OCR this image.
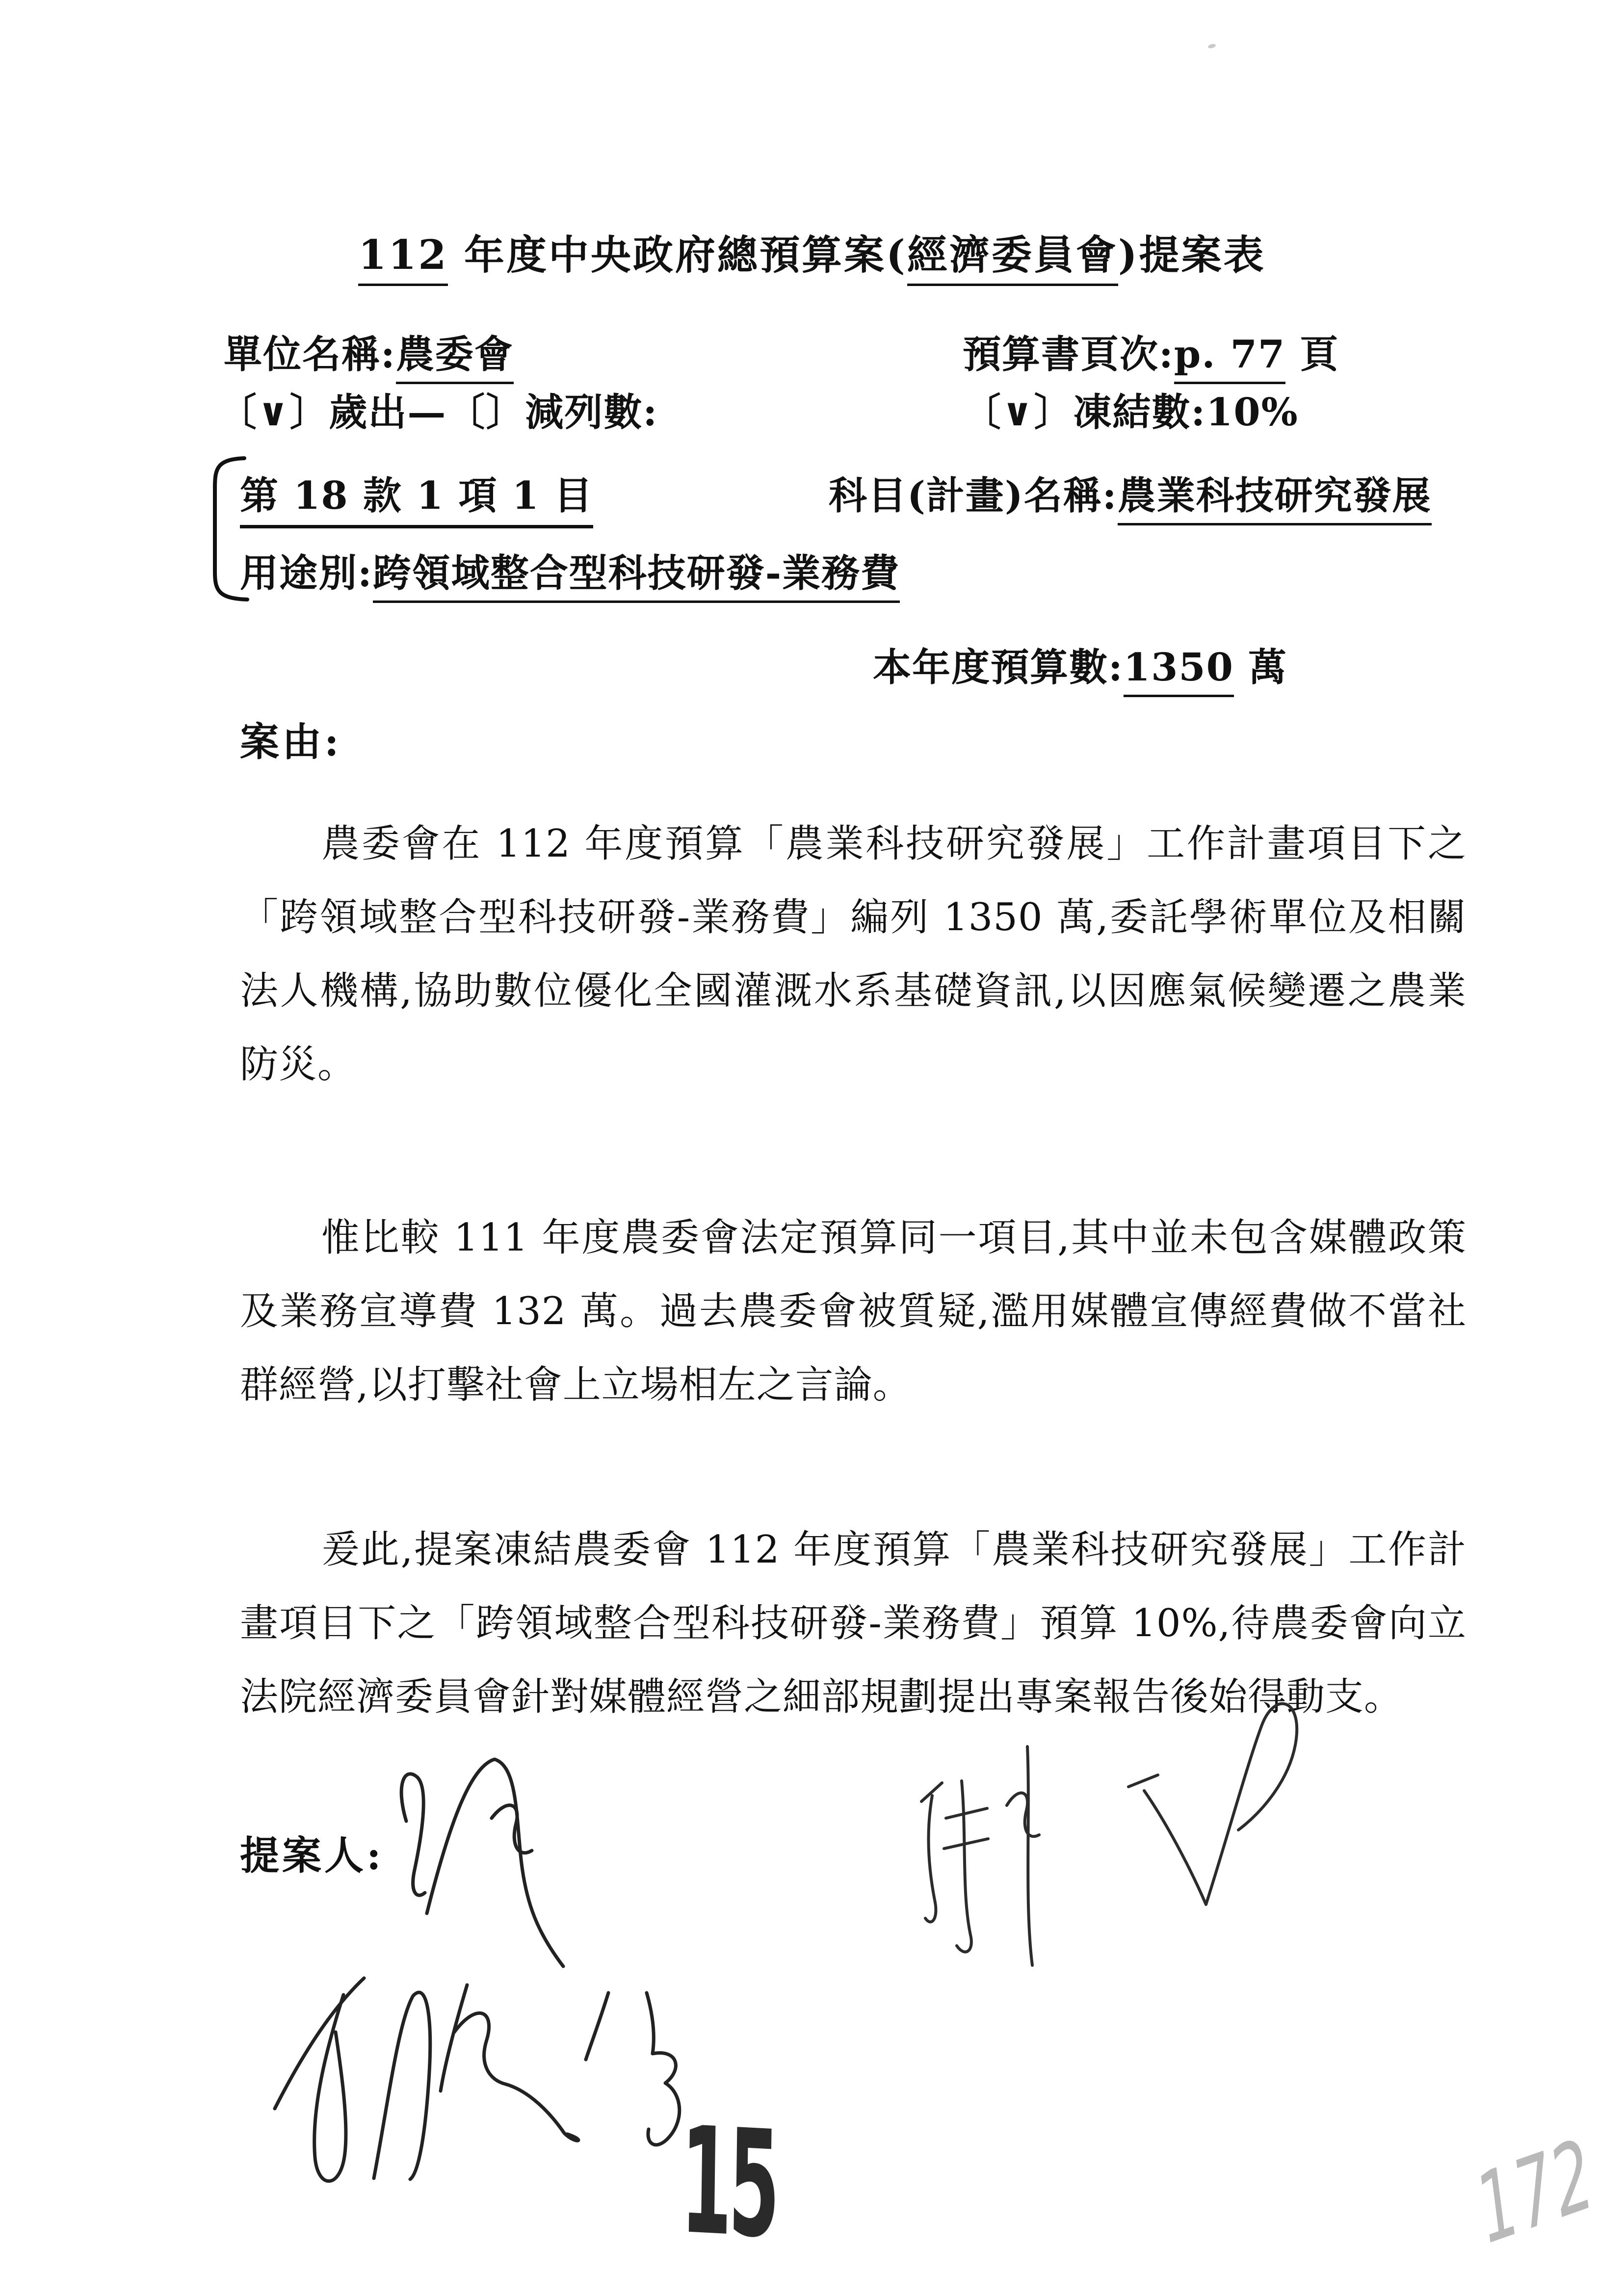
112 年度中央政府總預算案(經濟委員會)提案表
單位名稱:農委會	預算書頁次:p. 77 頁
〔∨〕歲出—〔〕減列數:	〔∨〕凍結數:10%
第 18 款 1 項 1 目	科目(計畫)名稱:農業科技研究發展
用途別:跨領域整合型科技研發-業務費
本年度預算數:1350 萬
案由:
農委會在 112 年度預算「農業科技研究發展」工作計畫項目下之「跨領域整合型科技研發-業務費」編列 1350 萬,委託學術單位及相關法人機構,協助數位優化全國灌溉水系基礎資訊,以因應氣候變遷之農業防災。
惟比較 111 年度農委會法定預算同一項目,其中並未包含媒體政策及業務宣導費 132 萬。過去農委會被質疑,濫用媒體宣傳經費做不當社群經營,以打擊社會上立場相左之言論。
爰此,提案凍結農委會 112 年度預算「農業科技研究發展」工作計畫項目下之「跨領域整合型科技研發-業務費」預算 10%,待農委會向立法院經濟委員會針對媒體經營之細部規劃提出專案報告後始得動支。
提案人:
15	172
